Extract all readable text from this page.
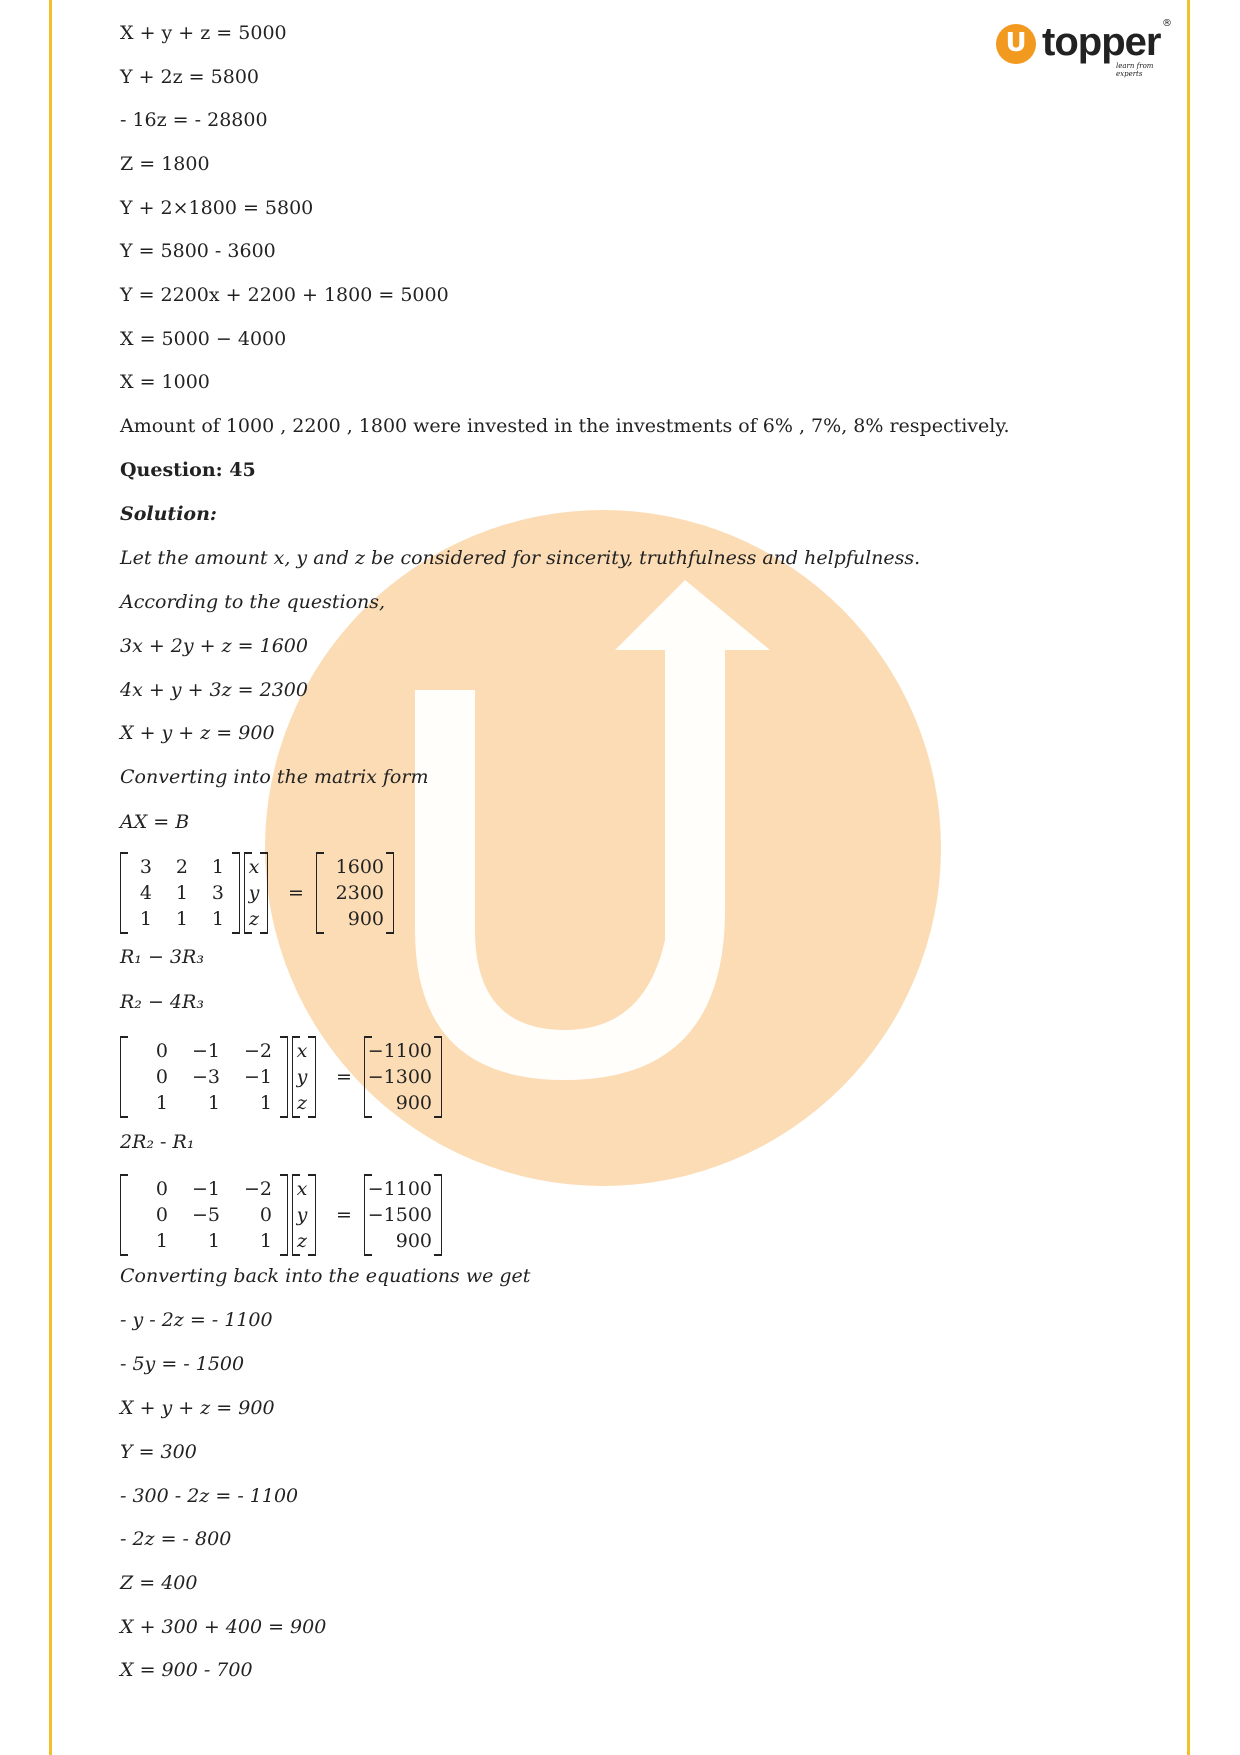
U topper ®
learn from experts
X + y + z = 5000
Y + 2z = 5800
- 16z = - 28800
Z = 1800
Y + 2×1800 = 5800
Y = 5800 - 3600
Y = 2200x + 2200 + 1800 = 5000
X = 5000 − 4000
X = 1000
Amount of 1000 , 2200 , 1800 were invested in the investments of 6% , 7%, 8% respectively.
Question: 45
Solution:
Let the amount x, y and z be considered for sincerity, truthfulness and helpfulness.
According to the questions,
3x + 2y + z = 1600
4x + y + 3z = 2300
X + y + z = 900
Converting into the matrix form
AX = B
3	2	1
4	1	3
1	1	1
x
y
z
=
1600
2300
900
R₁ − 3R₃
R₂ − 4R₃
0	−1	−2
0	−3	−1
1	1	1
x
y
z
=
−1100
−1300
900
2R₂ - R₁
0	−1	−2
0	−5	0
1	1	1
x
y
z
=
−1100
−1500
900
Converting back into the equations we get
- y - 2z = - 1100
- 5y = - 1500
X + y + z = 900
Y = 300
- 300 - 2z = - 1100
- 2z = - 800
Z = 400
X + 300 + 400 = 900
X = 900 - 700
